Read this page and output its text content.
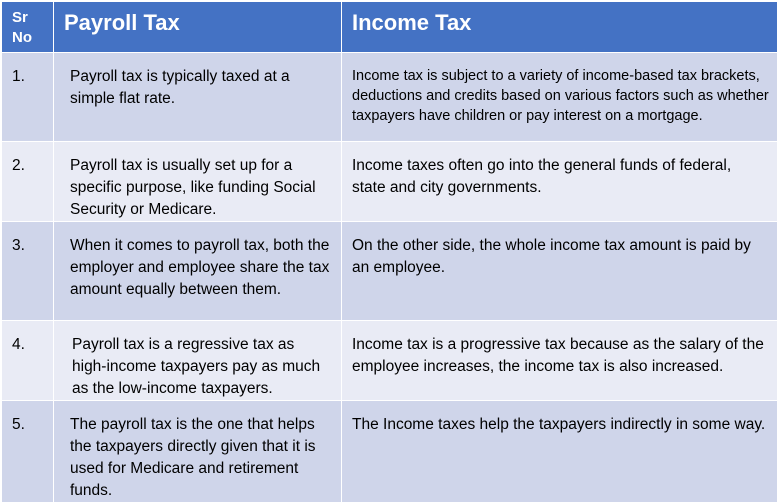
Sr
No	Payroll Tax	Income Tax
1.	Payroll tax is typically taxed at a simple flat rate.	Income tax is subject to a variety of income-based tax brackets, deductions and credits based on various factors such as whether taxpayers have children or pay interest on a mortgage.
2.	Payroll tax is usually set up for a specific purpose, like funding Social Security or Medicare.	Income taxes often go into the general funds of federal, state and city governments.
3.	When it comes to payroll tax, both the employer and employee share the tax amount equally between them.	On the other side, the whole income tax amount is paid by an employee.
4.	Payroll tax is a regressive tax as high-income taxpayers pay as much as the low-income taxpayers.	Income tax is a progressive tax because as the salary of the employee increases, the income tax is also increased.
5.	The payroll tax is the one that helps the taxpayers directly given that it is used for Medicare and retirement funds.	The Income taxes help the taxpayers indirectly in some way.
